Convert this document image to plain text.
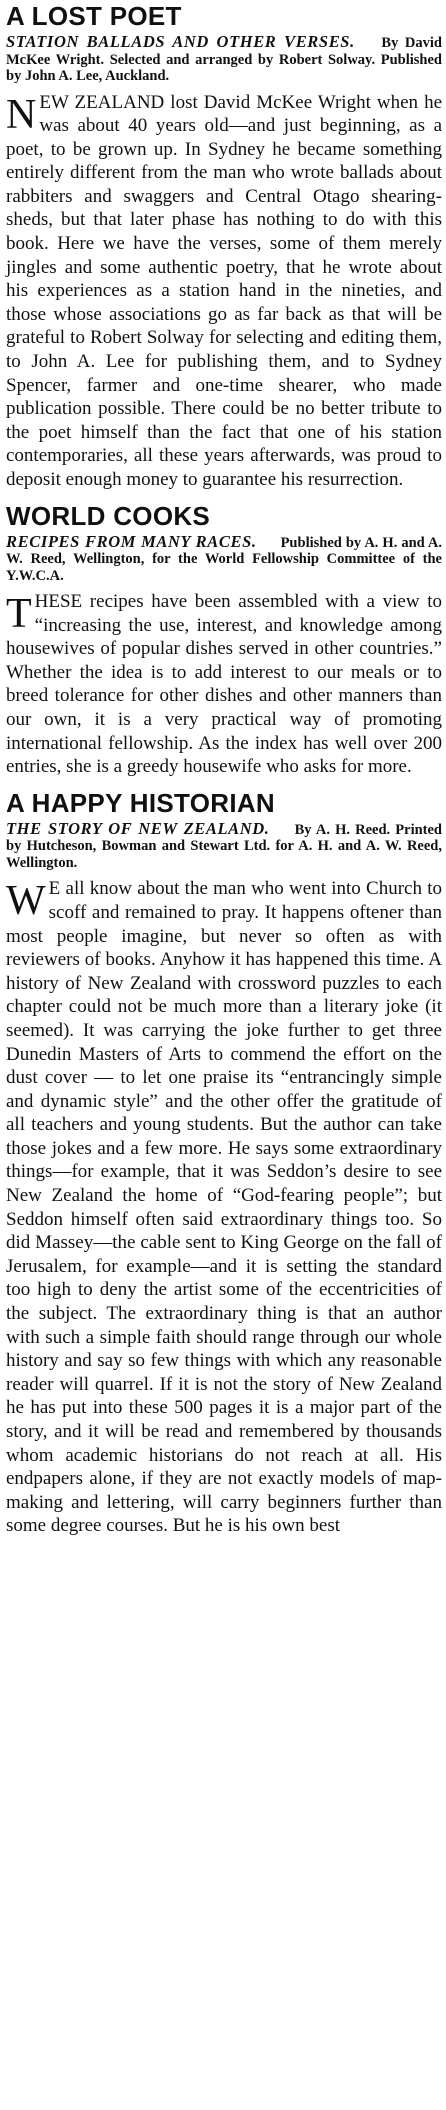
A LOST POET
STATION BALLADS AND OTHER VERSES. By David McKee Wright. Selected and arranged by Robert Solway. Published by John A. Lee, Auckland.

NEW ZEALAND lost David McKee Wright when he was about 40 years old—and just beginning, as a poet, to be grown up. In Sydney he became something entirely different from the man who wrote ballads about rabbiters and swaggers and Central Otago shearing-sheds, but that later phase has nothing to do with this book. Here we have the verses, some of them merely jingles and some authentic poetry, that he wrote about his experiences as a station hand in the nineties, and those whose associations go as far back as that will be grateful to Robert Solway for selecting and editing them, to John A. Lee for publishing them, and to Sydney Spencer, farmer and one-time shearer, who made publication possible. There could be no better tribute to the poet himself than the fact that one of his station contemporaries, all these years afterwards, was proud to deposit enough money to guarantee his resurrection.

WORLD COOKS
RECIPES FROM MANY RACES. Published by A. H. and A. W. Reed, Wellington, for the World Fellowship Committee of the Y.W.C.A.

THESE recipes have been assembled with a view to “increasing the use, interest, and knowledge among housewives of popular dishes served in other countries.” Whether the idea is to add interest to our meals or to breed tolerance for other dishes and other manners than our own, it is a very practical way of promoting international fellowship. As the index has well over 200 entries, she is a greedy housewife who asks for more.

A HAPPY HISTORIAN
THE STORY OF NEW ZEALAND. By A. H. Reed. Printed by Hutcheson, Bowman and Stewart Ltd. for A. H. and A. W. Reed, Wellington.

W E all know about the man who went into Church to scoff and remained to pray. It happens oftener than most people imagine, but never so often as with reviewers of books. Anyhow it has happened this time. A history of New Zealand with crossword puzzles to each chapter could not be much more than a literary joke (it seemed). It was carrying the joke further to get three Dunedin Masters of Arts to commend the effort on the dust cover — to let one praise its “entrancingly simple and dynamic style” and the other offer the gratitude of all teachers and young students. But the author can take those jokes and a few more. He says some extraordinary things—for example, that it was Seddon’s desire to see New Zealand the home of “God-fearing people”; but Seddon himself often said extraordinary things too. So did Massey—the cable sent to King George on the fall of Jerusalem, for example—and it is setting the standard too high to deny the artist some of the eccentricities of the subject. The extraordinary thing is that an author with such a simple faith should range through our whole history and say so few things with which any reasonable reader will quarrel. If it is not the story of New Zealand he has put into these 500 pages it is a major part of the story, and it will be read and remembered by thousands whom academic historians do not reach at all. His endpapers alone, if they are not exactly models of map-making and lettering, will carry beginners further than some degree courses. But he is his own best
